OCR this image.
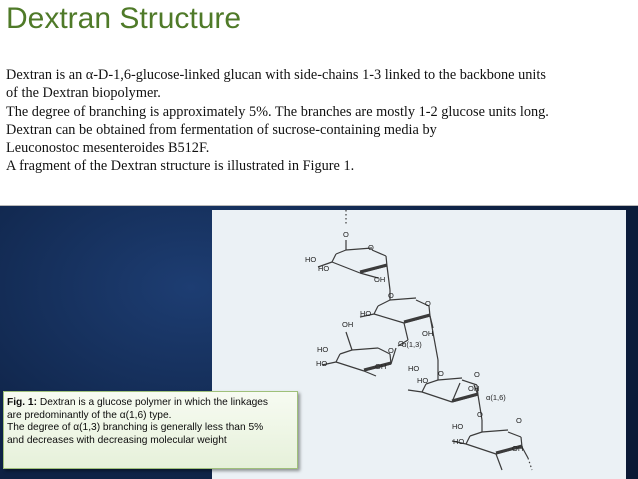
Dextran Structure
Dextran is an α-D-1,6-glucose-linked glucan with side-chains 1-3 linked to the backbone units
of the Dextran biopolymer.
The degree of branching is approximately 5%. The branches are mostly 1-2 glucose units long.
Dextran can be obtained from fermentation of sucrose-containing media by
Leuconostoc mesenteroides B512F.
A fragment of the Dextran structure is illustrated in Figure 1.
O
O
HO
HO
OH
O
O
HO
OH
OH
O
HO
HO
O
α(1,3)
OH
O
HO
HO
O
OH
O
α(1,6)
O
HO
HO
OH
Fig. 1: Dextran is a glucose polymer in which the linkages
are predominantly of the α(1,6) type.
The degree of α(1,3) branching is generally less than 5%
and decreases with decreasing molecular weight
